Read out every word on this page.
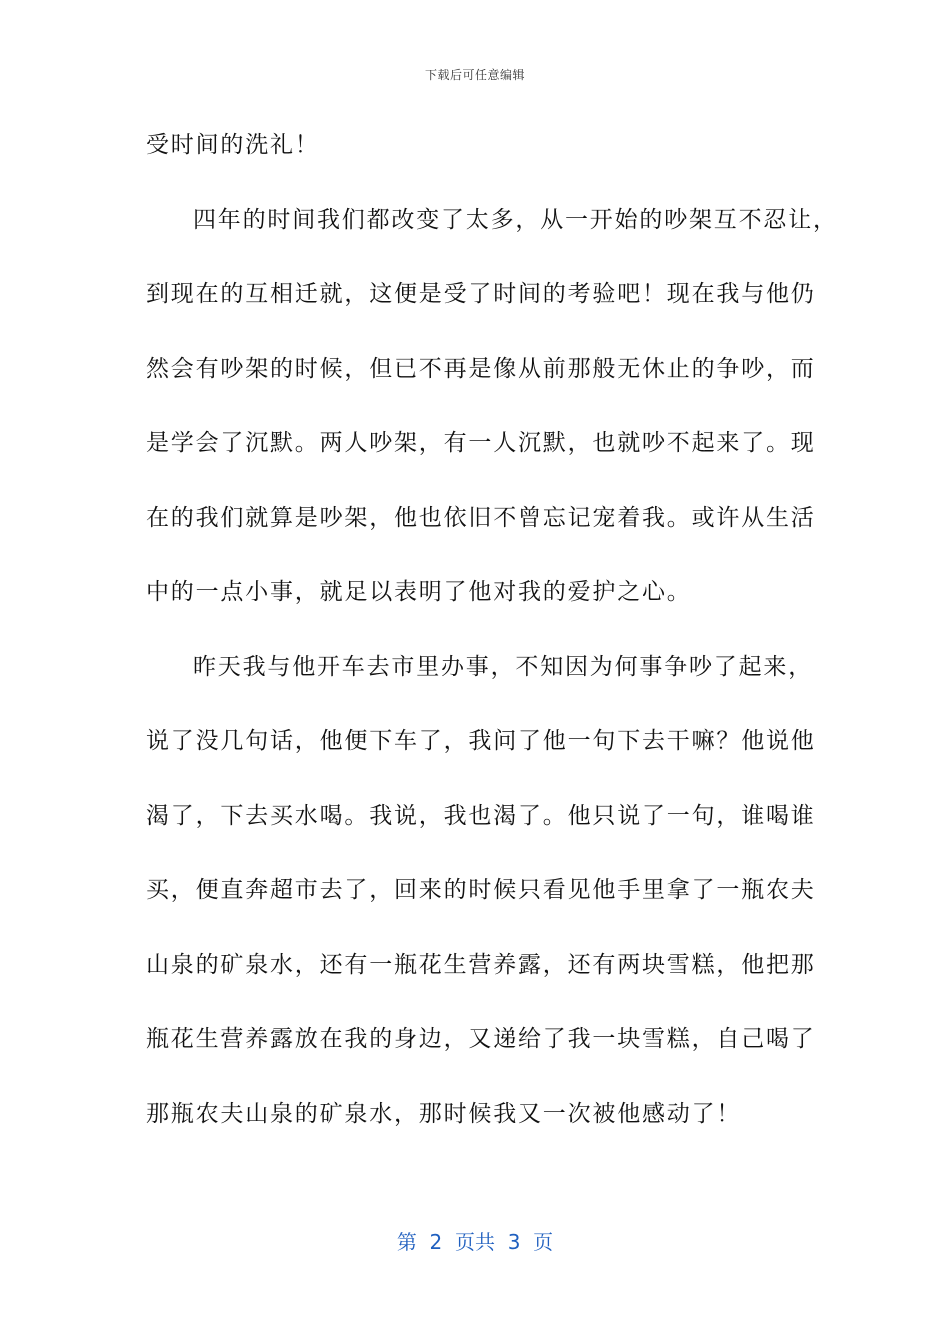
下载后可任意编辑
受时间的洗礼！
四年的时间我们都改变了太多，从一开始的吵架互不忍让，
到现在的互相迁就，这便是受了时间的考验吧！现在我与他仍
然会有吵架的时候，但已不再是像从前那般无休止的争吵，而
是学会了沉默。两人吵架，有一人沉默，也就吵不起来了。现
在的我们就算是吵架，他也依旧不曾忘记宠着我。或许从生活
中的一点小事，就足以表明了他对我的爱护之心。
昨天我与他开车去市里办事，不知因为何事争吵了起来，
说了没几句话，他便下车了，我问了他一句下去干嘛？他说他
渴了，下去买水喝。我说，我也渴了。他只说了一句，谁喝谁
买，便直奔超市去了，回来的时候只看见他手里拿了一瓶农夫
山泉的矿泉水，还有一瓶花生营养露，还有两块雪糕，他把那
瓶花生营养露放在我的身边，又递给了我一块雪糕，自己喝了
那瓶农夫山泉的矿泉水，那时候我又一次被他感动了！
第  2  页共  3  页
